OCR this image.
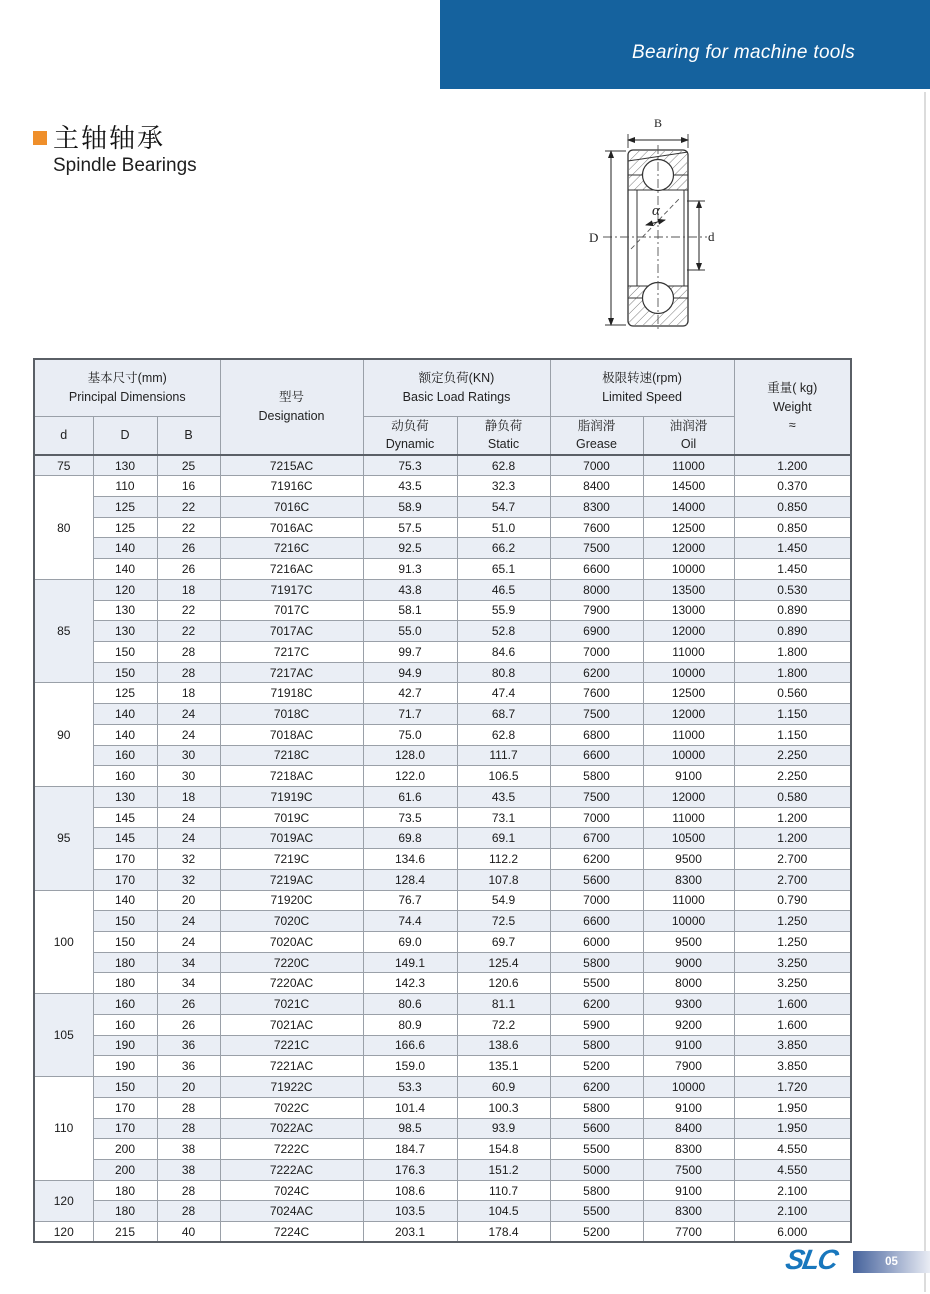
Bearing for machine tools
主轴轴承
Spindle Bearings
α
B
D	d
基本尺寸(mm)
Principal Dimensions			型号
Designation	额定负荷(KN)
Basic Load Ratings		极限转速(rpm)
Limited Speed		重量( kg)
Weight
≈

d	D	B		动负荷
Dynamic	静负荷
Static	脂润滑
Grease	油润滑
Oil	

75	130	25	7215AC	75.3	62.8	7000	11000	1.200
80	110	16	71916C	43.5	32.3	8400	14500	0.370
	125	22	7016C	58.9	54.7	8300	14000	0.850
	125	22	7016AC	57.5	51.0	7600	12500	0.850
	140	26	7216C	92.5	66.2	7500	12000	1.450
	140	26	7216AC	91.3	65.1	6600	10000	1.450
85	120	18	71917C	43.8	46.5	8000	13500	0.530
	130	22	7017C	58.1	55.9	7900	13000	0.890
	130	22	7017AC	55.0	52.8	6900	12000	0.890
	150	28	7217C	99.7	84.6	7000	11000	1.800
	150	28	7217AC	94.9	80.8	6200	10000	1.800
90	125	18	71918C	42.7	47.4	7600	12500	0.560
	140	24	7018C	71.7	68.7	7500	12000	1.150
	140	24	7018AC	75.0	62.8	6800	11000	1.150
	160	30	7218C	128.0	111.7	6600	10000	2.250
	160	30	7218AC	122.0	106.5	5800	9100	2.250
95	130	18	71919C	61.6	43.5	7500	12000	0.580
	145	24	7019C	73.5	73.1	7000	11000	1.200
	145	24	7019AC	69.8	69.1	6700	10500	1.200
	170	32	7219C	134.6	112.2	6200	9500	2.700
	170	32	7219AC	128.4	107.8	5600	8300	2.700
100	140	20	71920C	76.7	54.9	7000	11000	0.790
	150	24	7020C	74.4	72.5	6600	10000	1.250
	150	24	7020AC	69.0	69.7	6000	9500	1.250
	180	34	7220C	149.1	125.4	5800	9000	3.250
	180	34	7220AC	142.3	120.6	5500	8000	3.250
105	160	26	7021C	80.6	81.1	6200	9300	1.600
	160	26	7021AC	80.9	72.2	5900	9200	1.600
	190	36	7221C	166.6	138.6	5800	9100	3.850
	190	36	7221AC	159.0	135.1	5200	7900	3.850
110	150	20	71922C	53.3	60.9	6200	10000	1.720
	170	28	7022C	101.4	100.3	5800	9100	1.950
	170	28	7022AC	98.5	93.9	5600	8400	1.950
	200	38	7222C	184.7	154.8	5500	8300	4.550
	200	38	7222AC	176.3	151.2	5000	7500	4.550
120	180	28	7024C	108.6	110.7	5800	9100	2.100
	180	28	7024AC	103.5	104.5	5500	8300	2.100
120	215	40	7224C	203.1	178.4	5200	7700	6.000
SLC	05
